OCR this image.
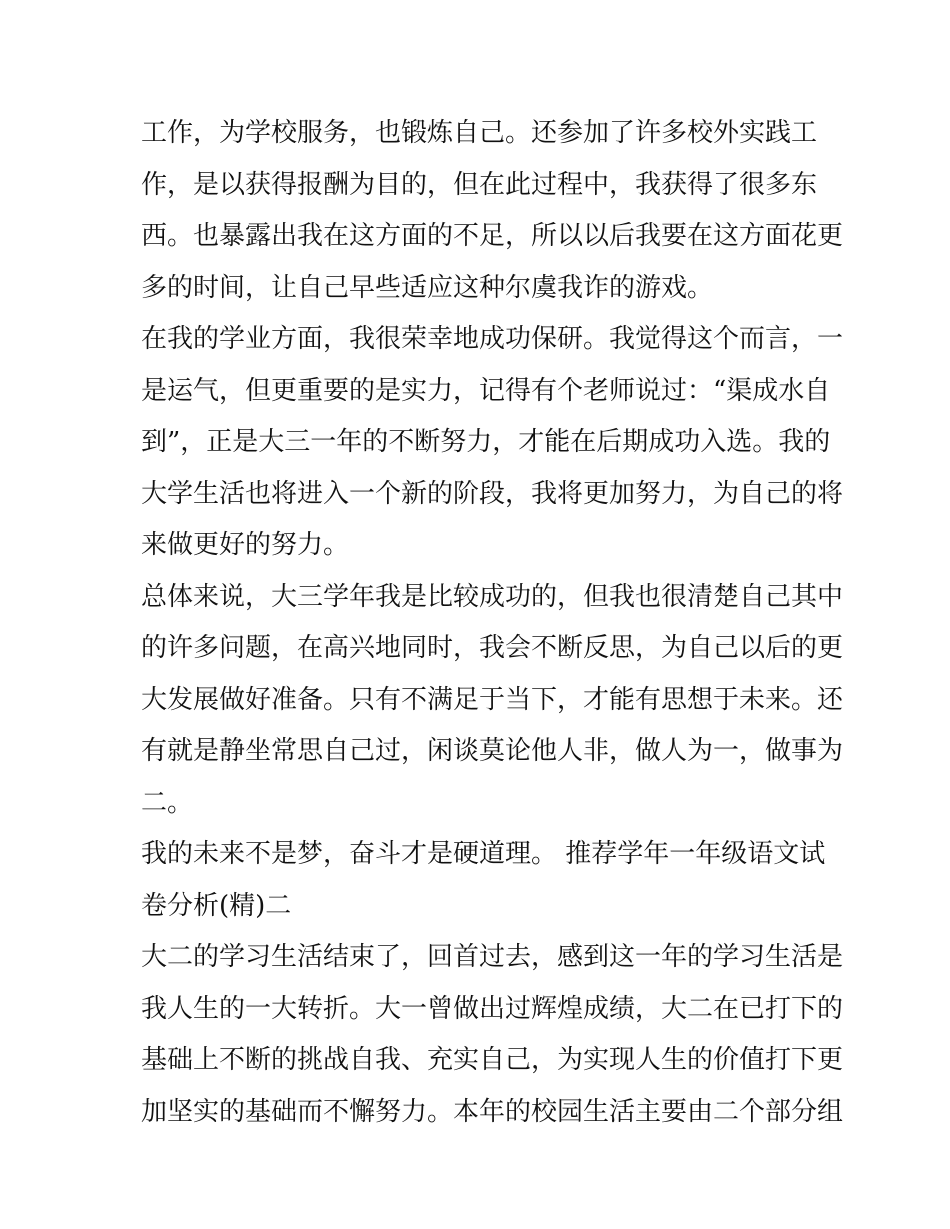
工作，为学校服务，也锻炼自己。还参加了许多校外实践工
作，是以获得报酬为目的，但在此过程中，我获得了很多东
西。也暴露出我在这方面的不足，所以以后我要在这方面花更
多的时间，让自己早些适应这种尔虞我诈的游戏。
在我的学业方面，我很荣幸地成功保研。我觉得这个而言，一
是运气，但更重要的是实力，记得有个老师说过：“渠成水自
到”，正是大三一年的不断努力，才能在后期成功入选。我的
大学生活也将进入一个新的阶段，我将更加努力，为自己的将
来做更好的努力。
总体来说，大三学年我是比较成功的，但我也很清楚自己其中
的许多问题，在高兴地同时，我会不断反思，为自己以后的更
大发展做好准备。只有不满足于当下，才能有思想于未来。还
有就是静坐常思自己过，闲谈莫论他人非，做人为一，做事为
二。
我的未来不是梦，奋斗才是硬道理。 推荐学年一年级语文试
卷分析(精)二
大二的学习生活结束了，回首过去，感到这一年的学习生活是
我人生的一大转折。大一曾做出过辉煌成绩，大二在已打下的
基础上不断的挑战自我、充实自己，为实现人生的价值打下更
加坚实的基础而不懈努力。本年的校园生活主要由二个部分组
